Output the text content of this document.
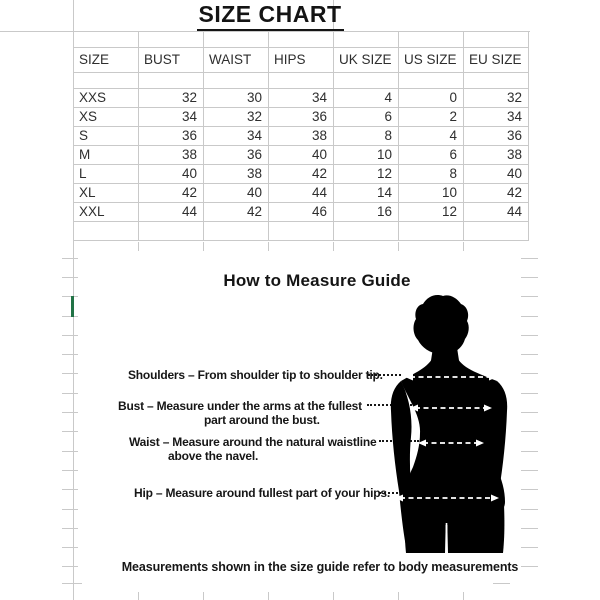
SIZE CHART

SIZE	BUST	WAIST	HIPS	UK SIZE	US SIZE	EU SIZE

XXS	32	30	34	4	0	32
XS	34	32	36	6	2	34
S	36	34	38	8	4	36
M	38	36	40	10	6	38
L	40	38	42	12	8	40
XL	42	40	44	14	10	42
XXL	44	42	46	16	12	44

How to Measure Guide
Shoulders – From shoulder tip to shoulder tip.
Bust – Measure under the arms at the fullest
part around the bust.
Waist – Measure around the natural waistline
above the navel.
Hip – Measure around fullest part of your hips.
Measurements shown in the size guide refer to body measurements
